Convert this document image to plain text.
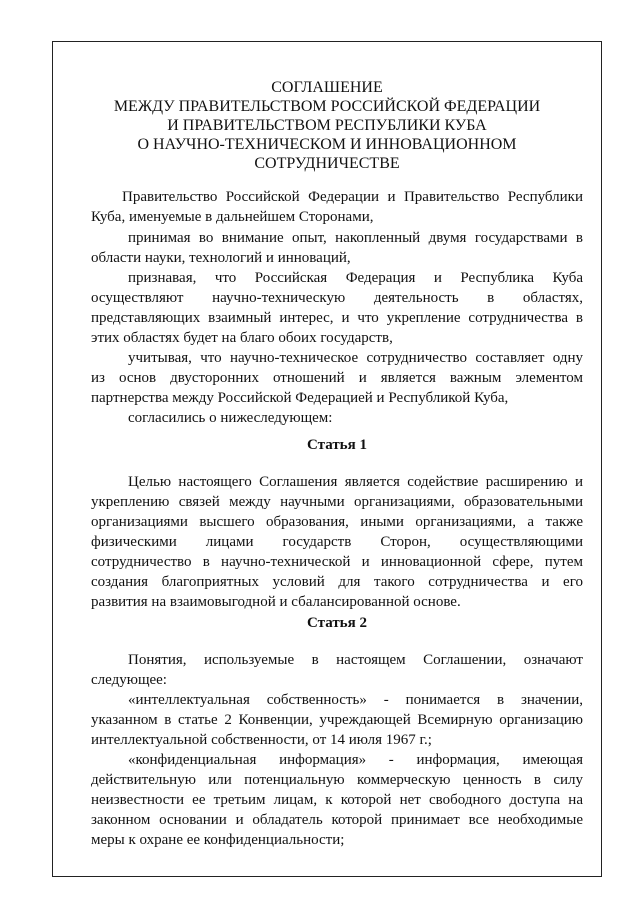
СОГЛАШЕНИЕ
МЕЖДУ ПРАВИТЕЛЬСТВОМ РОССИЙСКОЙ ФЕДЕРАЦИИ
И ПРАВИТЕЛЬСТВОМ РЕСПУБЛИКИ КУБА
О НАУЧНО-ТЕХНИЧЕСКОМ И ИННОВАЦИОННОМ
СОТРУДНИЧЕСТВЕ

Правительство Российской Федерации и Правительство Республики

Куба, именуемые в дальнейшем Сторонами,

принимая во внимание опыт, накопленный двумя государствами в

области науки, технологий и инноваций,

признавая, что Российская Федерация и Республика Куба

осуществляют научно-техническую деятельность в областях,

представляющих взаимный интерес, и что укрепление сотрудничества в

этих областях будет на благо обоих государств,

учитывая, что научно-техническое сотрудничество составляет одну

из основ двусторонних отношений и является важным элементом

партнерства между Российской Федерацией и Республикой Куба,

согласились о нижеследующем:

Статья 1

Целью настоящего Соглашения является содействие расширению и

укреплению связей между научными организациями, образовательными

организациями высшего образования, иными организациями, а также

физическими лицами государств Сторон, осуществляющими

сотрудничество в научно-технической и инновационной сфере, путем

создания благоприятных условий для такого сотрудничества и его

развития на взаимовыгодной и сбалансированной основе.

Статья 2

Понятия, используемые в настоящем Соглашении, означают

следующее:

«интеллектуальная собственность» - понимается в значении,

указанном в статье 2 Конвенции, учреждающей Всемирную организацию

интеллектуальной собственности, от 14 июля 1967 г.;

«конфиденциальная информация» - информация, имеющая

действительную или потенциальную коммерческую ценность в силу

неизвестности ее третьим лицам, к которой нет свободного доступа на

законном основании и обладатель которой принимает все необходимые

меры к охране ее конфиденциальности;
